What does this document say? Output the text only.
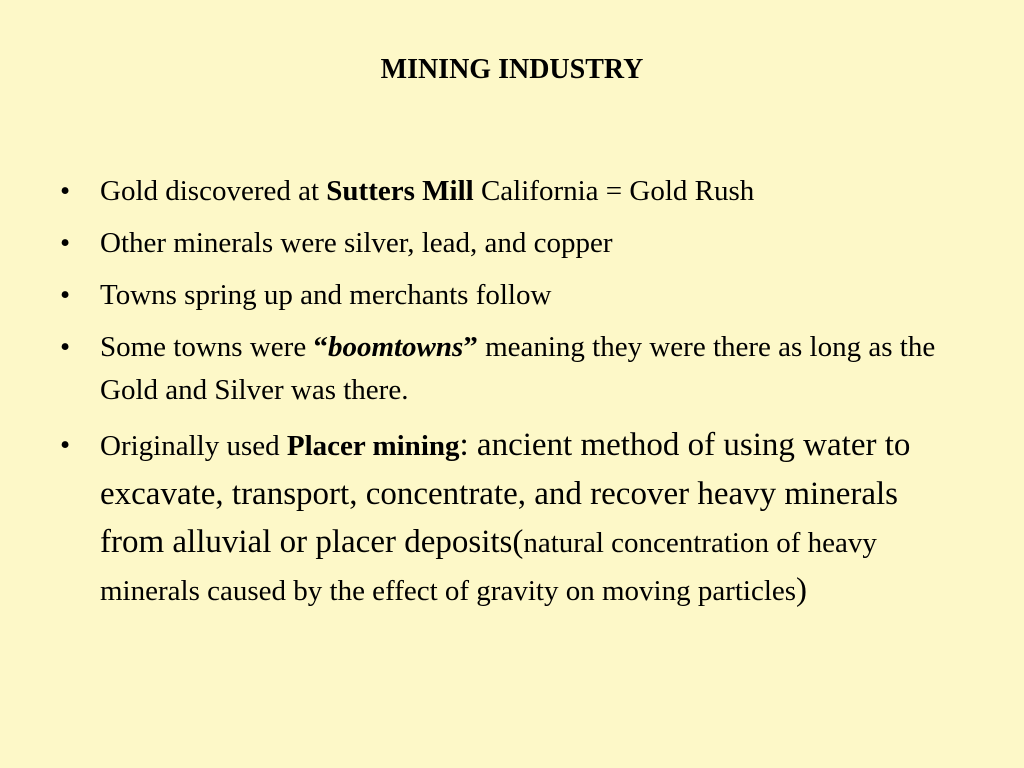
MINING INDUSTRY
• Gold discovered at Sutters Mill California = Gold Rush
• Other minerals were silver, lead, and copper
• Towns spring up and merchants follow
• Some towns were “boomtowns” meaning they were there as long as the Gold and Silver was there.
• Originally used Placer mining: ancient method of using water to excavate, transport, concentrate, and recover heavy minerals from alluvial or placer deposits(natural concentration of heavy minerals caused by the effect of gravity on moving particles)
